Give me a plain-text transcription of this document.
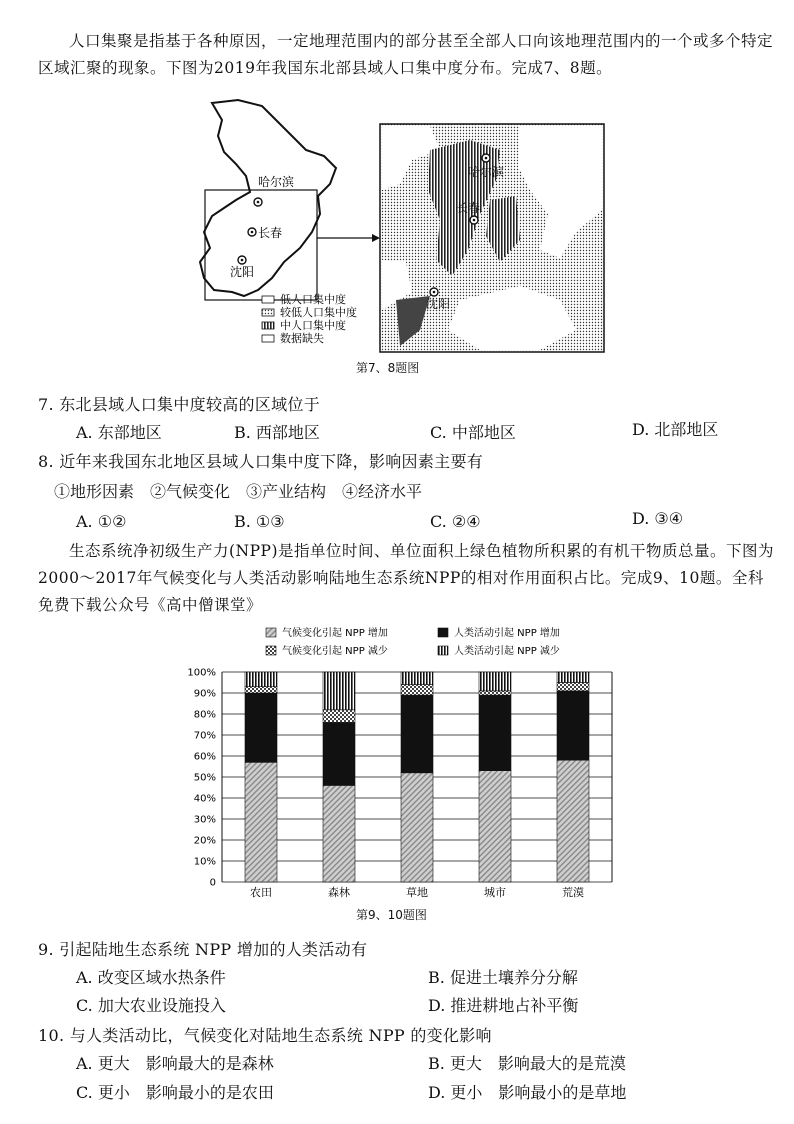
人口集聚是指基于各种原因，一定地理范围内的部分甚至全部人口向该地理范围内的一个或多个特定区域汇聚的现象。下图为2019年我国东北部县域人口集中度分布。完成7、8题。
哈尔滨
长春
沈阳
低人口集中度
较低人口集中度
中人口集中度
数据缺失
哈尔滨
长春
沈阳
第7、8题图
7. 东北县域人口集中度较高的区域位于
A. 东部地区	B. 西部地区	C. 中部地区	D. 北部地区
8. 近年来我国东北地区县域人口集中度下降，影响因素主要有
①地形因素　②气候变化　③产业结构　④经济水平
A. ①②	B. ①③	C. ②④	D. ③④
生态系统净初级生产力(NPP)是指单位时间、单位面积上绿色植物所积累的有机干物质总量。下图为2000～2017年气候变化与人类活动影响陆地生态系统NPP的相对作用面积占比。完成9、10题。全科免费下载公众号《高中僧课堂》
气候变化引起 NPP 增加	人类活动引起 NPP 增加
气候变化引起 NPP 减少	人类活动引起 NPP 减少
0
10%
20%
30%
40%
50%
60%
70%
80%
90%
100%
农田	森林	草地	城市	荒漠
第9、10题图
9. 引起陆地生态系统 NPP 增加的人类活动有
A. 改变区域水热条件	B. 促进土壤养分分解
C. 加大农业设施投入	D. 推进耕地占补平衡
10. 与人类活动比，气候变化对陆地生态系统 NPP 的变化影响
A. 更大　影响最大的是森林	B. 更大　影响最大的是荒漠
C. 更小　影响最小的是农田	D. 更小　影响最小的是草地
